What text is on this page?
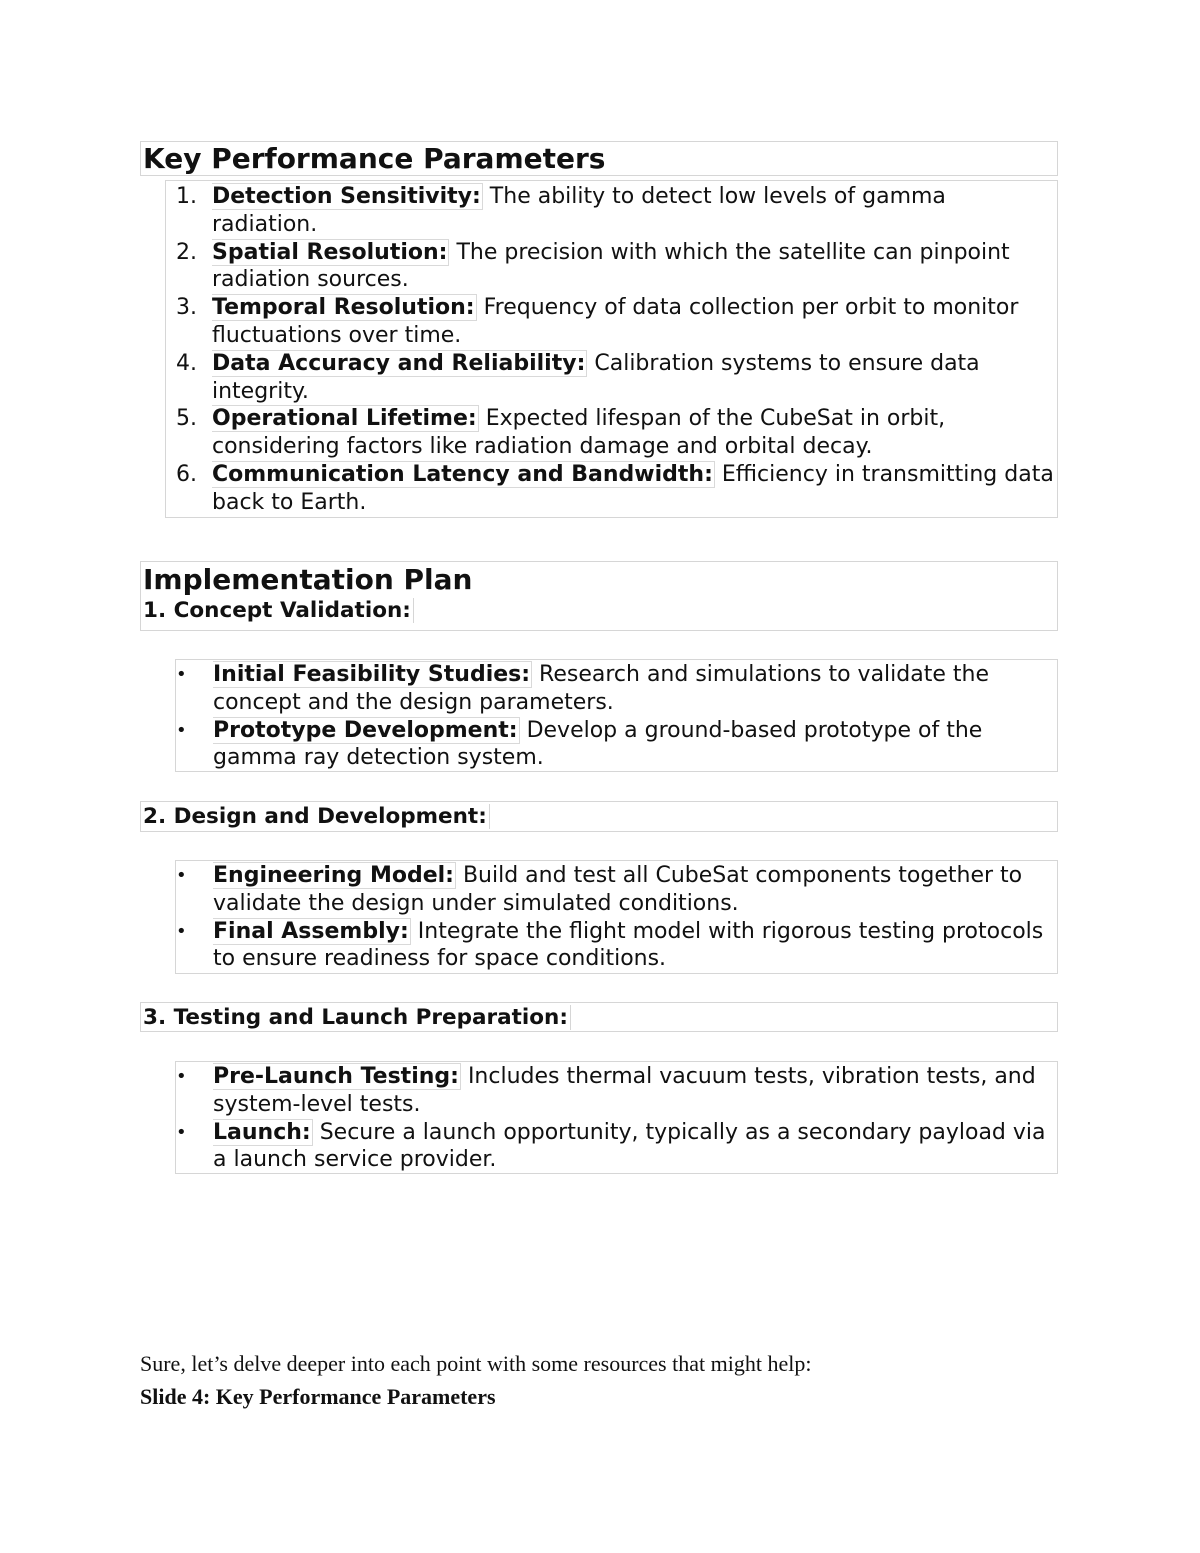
Key Performance Parameters
1. Detection Sensitivity: The ability to detect low levels of gamma radiation.
2. Spatial Resolution: The precision with which the satellite can pinpoint radiation sources.
3. Temporal Resolution: Frequency of data collection per orbit to monitor fluctuations over time.
4. Data Accuracy and Reliability: Calibration systems to ensure data integrity.
5. Operational Lifetime: Expected lifespan of the CubeSat in orbit, considering factors like radiation damage and orbital decay.
6. Communication Latency and Bandwidth: Efficiency in transmitting data back to Earth.
Implementation Plan
1. Concept Validation:
• Initial Feasibility Studies: Research and simulations to validate the concept and the design parameters.
• Prototype Development: Develop a ground-based prototype of the gamma ray detection system.
2. Design and Development:
• Engineering Model: Build and test all CubeSat components together to validate the design under simulated conditions.
• Final Assembly: Integrate the flight model with rigorous testing protocols to ensure readiness for space conditions.
3. Testing and Launch Preparation:
• Pre-Launch Testing: Includes thermal vacuum tests, vibration tests, and system-level tests.
• Launch: Secure a launch opportunity, typically as a secondary payload via a launch service provider.
Sure, let’s delve deeper into each point with some resources that might help:
Slide 4: Key Performance Parameters
